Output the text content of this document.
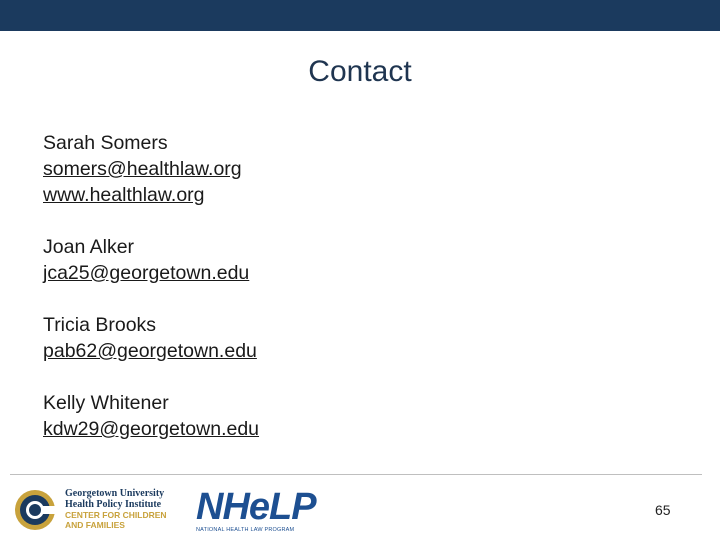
Contact
Sarah Somers
somers@healthlaw.org
www.healthlaw.org
Joan Alker
jca25@georgetown.edu
Tricia Brooks
pab62@georgetown.edu
Kelly Whitener
kdw29@georgetown.edu
Georgetown University
Health Policy Institute
CENTER FOR CHILDREN
AND FAMILIES	NHeLP
NATIONAL HEALTH LAW PROGRAM
65
